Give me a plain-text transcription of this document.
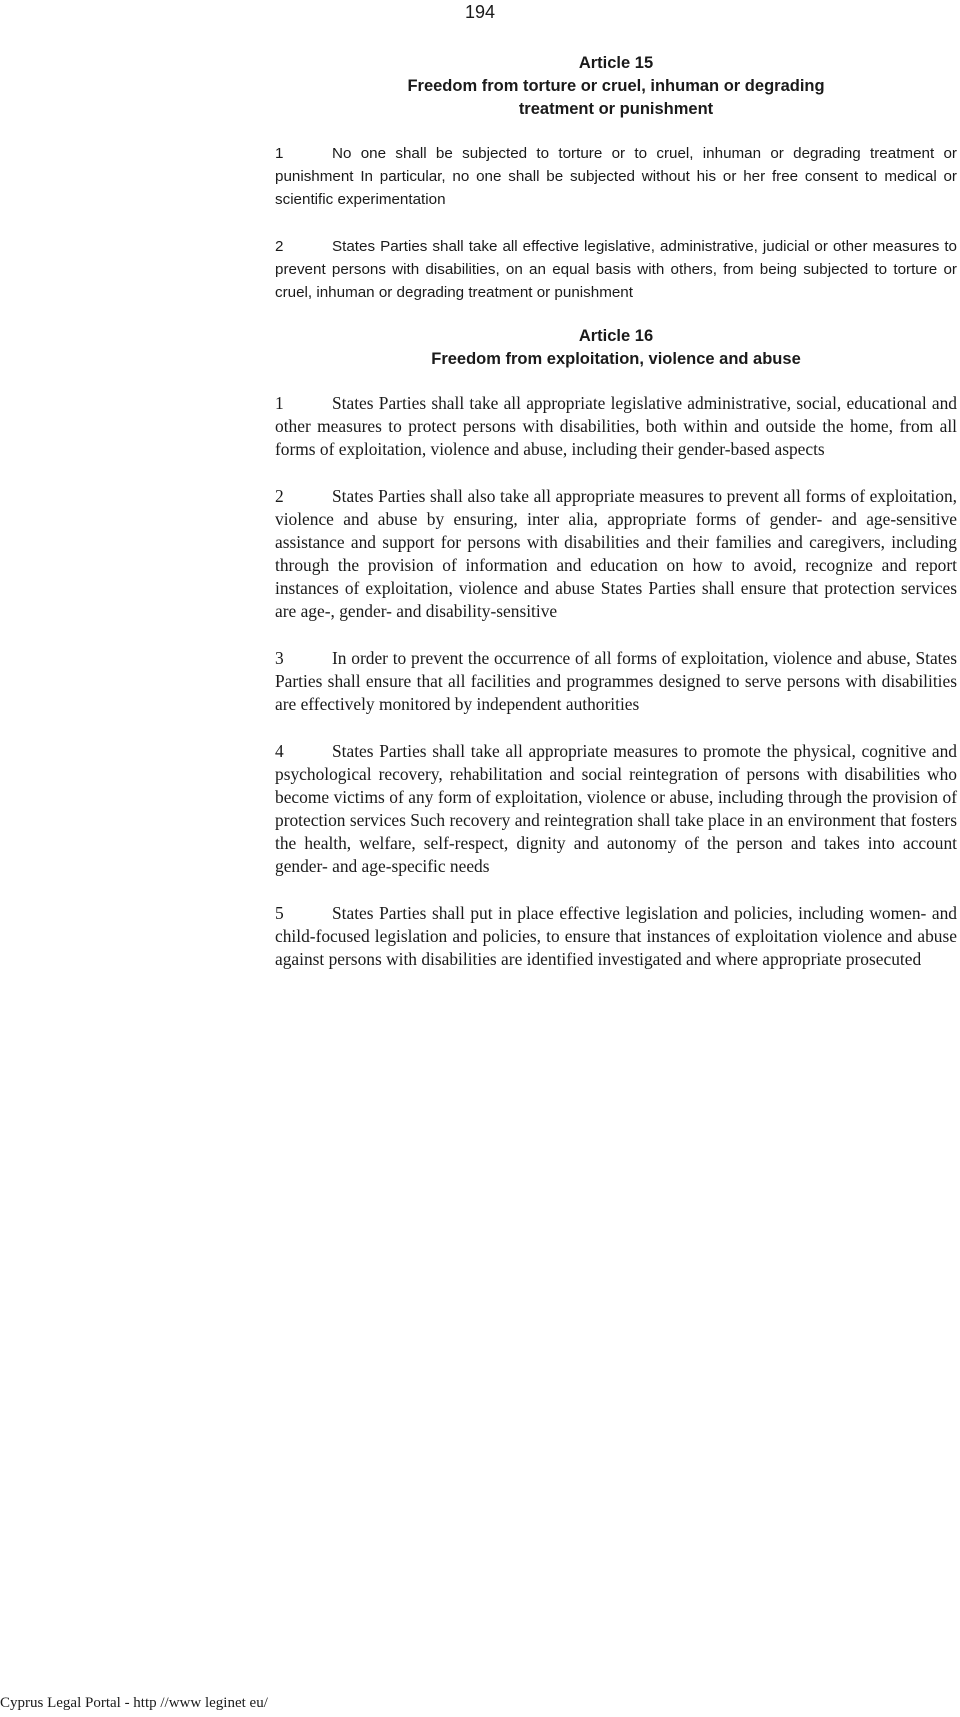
194
Article 15
Freedom from torture or cruel, inhuman or degrading
treatment or punishment

1	No one shall be subjected to torture or to cruel, inhuman or degrading treatment or punishment In particular, no one shall be subjected without his or her free consent to medical or scientific experimentation

2	States Parties shall take all effective legislative, administrative, judicial or other measures to prevent persons with disabilities, on an equal basis with others, from being subjected to torture or cruel, inhuman or degrading treatment or punishment

Article 16
Freedom from exploitation, violence and abuse

1	States Parties shall take all appropriate legislative administrative, social, educational and other measures to protect persons with disabilities, both within and outside the home, from all forms of exploitation, violence and abuse, including their gender-based aspects

2	States Parties shall also take all appropriate measures to prevent all forms of exploitation, violence and abuse by ensuring, inter alia, appropriate forms of gender- and age-sensitive assistance and support for persons with disabilities and their families and caregivers, including through the provision of information and education on how to avoid, recognize and report instances of exploitation, violence and abuse States Parties shall ensure that protection services are age-, gender- and disability-sensitive

3	In order to prevent the occurrence of all forms of exploitation, violence and abuse, States Parties shall ensure that all facilities and programmes designed to serve persons with disabilities are effectively monitored by independent authorities

4	States Parties shall take all appropriate measures to promote the physical, cognitive and psychological recovery, rehabilitation and social reintegration of persons with disabilities who become victims of any form of exploitation, violence or abuse, including through the provision of protection services Such recovery and reintegration shall take place in an environment that fosters the health, welfare, self-respect, dignity and autonomy of the person and takes into account gender- and age-specific needs

5	States Parties shall put in place effective legislation and policies, including women- and child-focused legislation and policies, to ensure that instances of exploitation violence and abuse against persons with disabilities are identified investigated and where appropriate prosecuted

Cyprus Legal Portal - http //www leginet eu/
